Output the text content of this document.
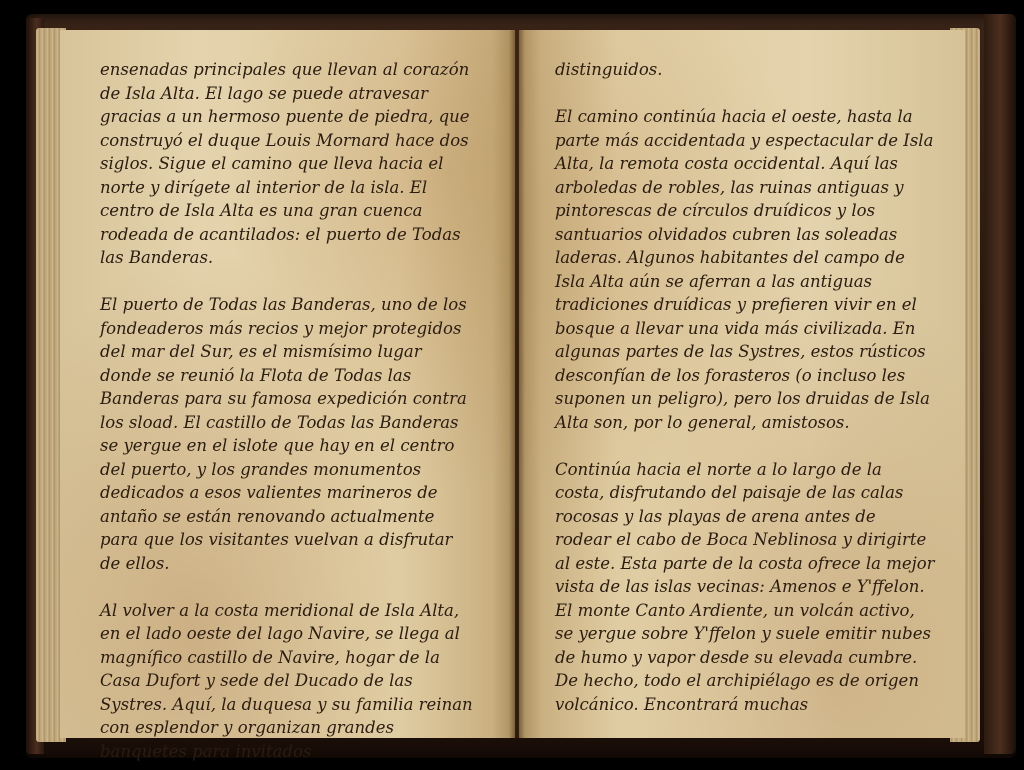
ensenadas principales que llevan al corazón de Isla Alta. El lago se puede atravesar gracias a un hermoso puente de piedra, que construyó el duque Louis Mornard hace dos siglos. Sigue el camino que lleva hacia el norte y dirígete al interior de la isla. El centro de Isla Alta es una gran cuenca rodeada de acantilados: el puerto de Todas las Banderas.

El puerto de Todas las Banderas, uno de los fondeaderos más recios y mejor protegidos del mar del Sur, es el mismísimo lugar donde se reunió la Flota de Todas las Banderas para su famosa expedición contra los sload. El castillo de Todas las Banderas se yergue en el islote que hay en el centro del puerto, y los grandes monumentos dedicados a esos valientes marineros de antaño se están renovando actualmente para que los visitantes vuelvan a disfrutar de ellos.

Al volver a la costa meridional de Isla Alta, en el lado oeste del lago Navire, se llega al magnífico castillo de Navire, hogar de la Casa Dufort y sede del Ducado de las Systres. Aquí, la duquesa y su familia reinan con esplendor y organizan grandes banquetes para invitados

distinguidos.

El camino continúa hacia el oeste, hasta la parte más accidentada y espectacular de Isla Alta, la remota costa occidental. Aquí las arboledas de robles, las ruinas antiguas y pintorescas de círculos druídicos y los santuarios olvidados cubren las soleadas laderas. Algunos habitantes del campo de Isla Alta aún se aferran a las antiguas tradiciones druídicas y prefieren vivir en el bosque a llevar una vida más civilizada. En algunas partes de las Systres, estos rústicos desconfían de los forasteros (o incluso les suponen un peligro), pero los druidas de Isla Alta son, por lo general, amistosos.

Continúa hacia el norte a lo largo de la costa, disfrutando del paisaje de las calas rocosas y las playas de arena antes de rodear el cabo de Boca Neblinosa y dirigirte al este. Esta parte de la costa ofrece la mejor vista de las islas vecinas: Amenos e Y'ffelon. El monte Canto Ardiente, un volcán activo, se yergue sobre Y'ffelon y suele emitir nubes de humo y vapor desde su elevada cumbre. De hecho, todo el archipiélago es de origen volcánico. Encontrará muchas
